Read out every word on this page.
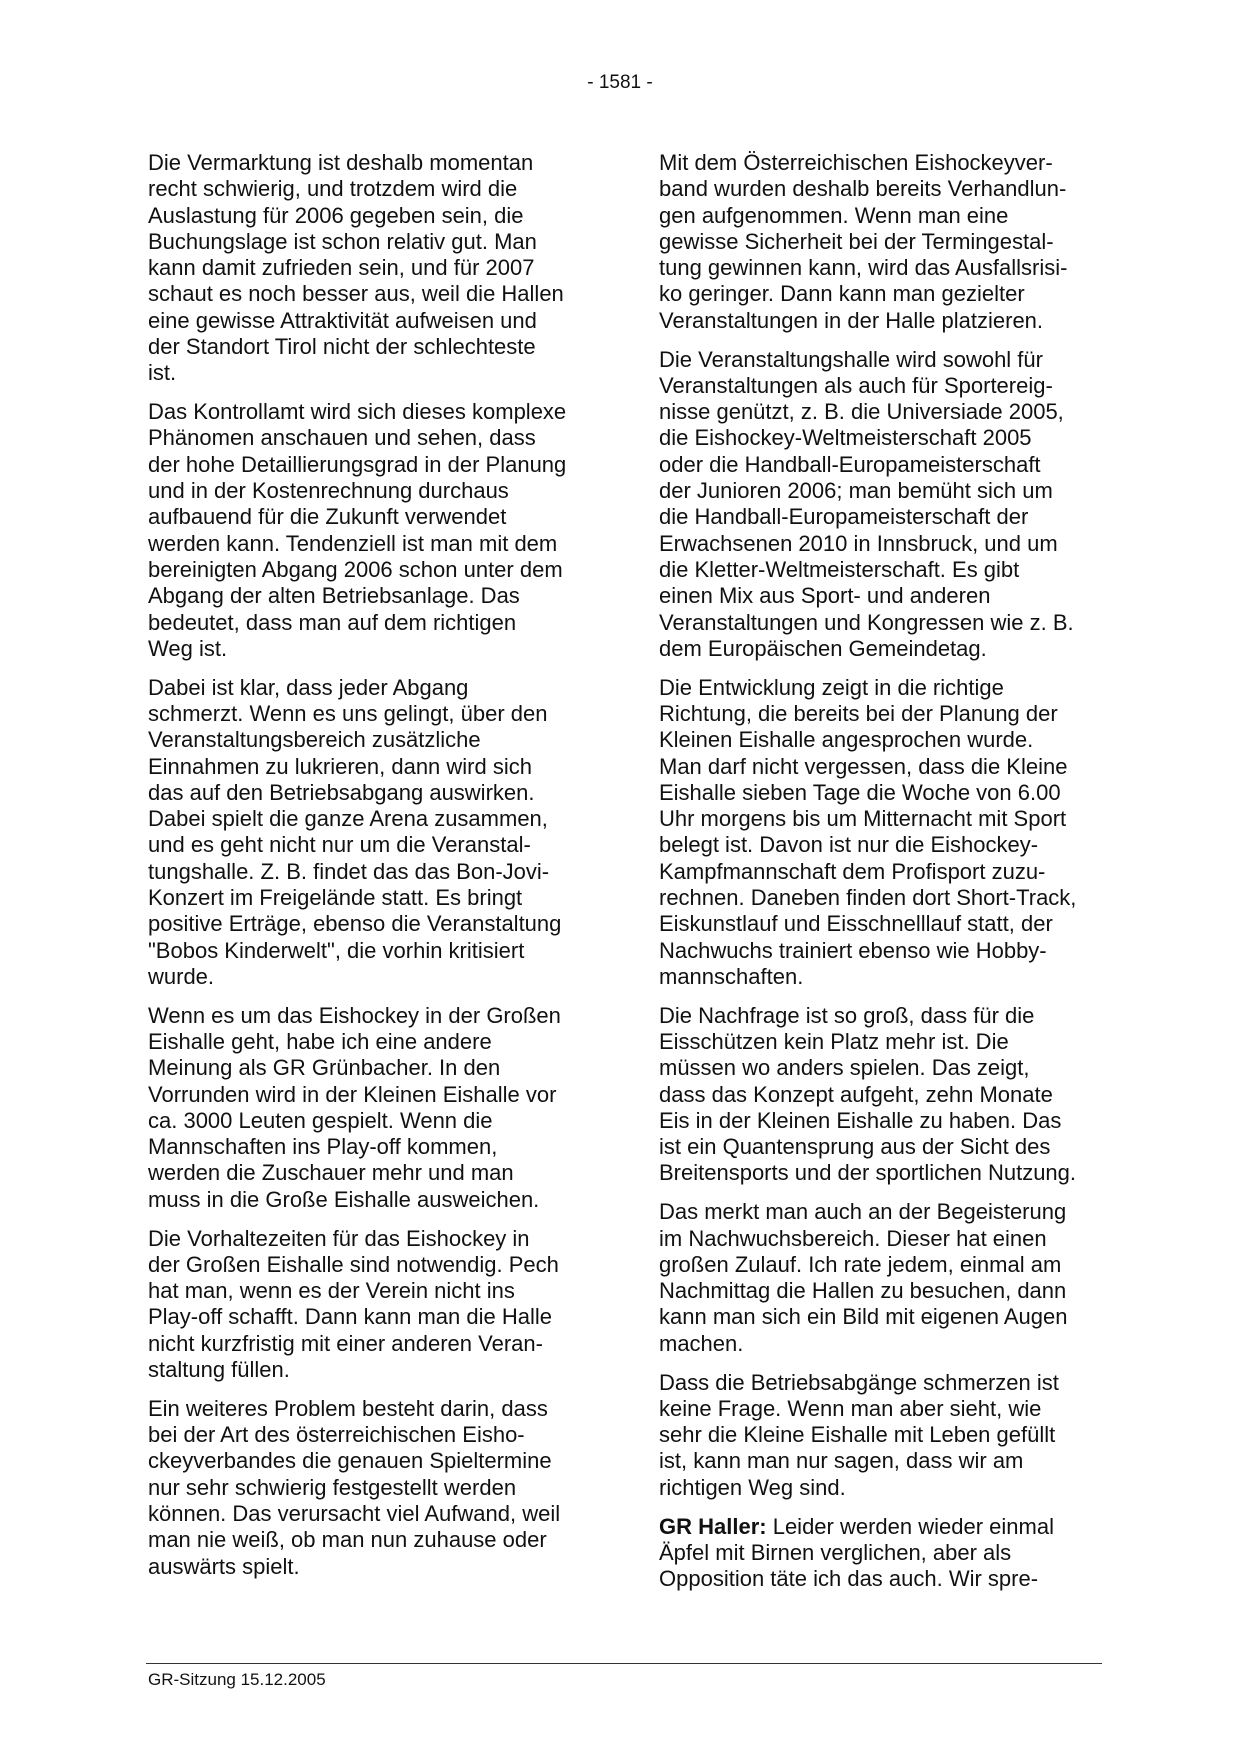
- 1581 -

Die Vermarktung ist deshalb momentan
recht schwierig, und trotzdem wird die
Auslastung für 2006 gegeben sein, die
Buchungslage ist schon relativ gut. Man
kann damit zufrieden sein, und für 2007
schaut es noch besser aus, weil die Hallen
eine gewisse Attraktivität aufweisen und
der Standort Tirol nicht der schlechteste
ist.

Das Kontrollamt wird sich dieses komplexe
Phänomen anschauen und sehen, dass
der hohe Detaillierungsgrad in der Planung
und in der Kostenrechnung durchaus
aufbauend für die Zukunft verwendet
werden kann. Tendenziell ist man mit dem
bereinigten Abgang 2006 schon unter dem
Abgang der alten Betriebsanlage. Das
bedeutet, dass man auf dem richtigen
Weg ist.

Dabei ist klar, dass jeder Abgang
schmerzt. Wenn es uns gelingt, über den
Veranstaltungsbereich zusätzliche
Einnahmen zu lukrieren, dann wird sich
das auf den Betriebsabgang auswirken.
Dabei spielt die ganze Arena zusammen,
und es geht nicht nur um die Veranstal-
tungshalle. Z. B. findet das das Bon-Jovi-
Konzert im Freigelände statt. Es bringt
positive Erträge, ebenso die Veranstaltung
"Bobos Kinderwelt", die vorhin kritisiert
wurde.

Wenn es um das Eishockey in der Großen
Eishalle geht, habe ich eine andere
Meinung als GR Grünbacher. In den
Vorrunden wird in der Kleinen Eishalle vor
ca. 3000 Leuten gespielt. Wenn die
Mannschaften ins Play-off kommen,
werden die Zuschauer mehr und man
muss in die Große Eishalle ausweichen.

Die Vorhaltezeiten für das Eishockey in
der Großen Eishalle sind notwendig. Pech
hat man, wenn es der Verein nicht ins
Play-off schafft. Dann kann man die Halle
nicht kurzfristig mit einer anderen Veran-
staltung füllen.

Ein weiteres Problem besteht darin, dass
bei der Art des österreichischen Eisho-
ckeyverbandes die genauen Spieltermine
nur sehr schwierig festgestellt werden
können. Das verursacht viel Aufwand, weil
man nie weiß, ob man nun zuhause oder
auswärts spielt.

Mit dem Österreichischen Eishockeyver-
band wurden deshalb bereits Verhandlun-
gen aufgenommen. Wenn man eine
gewisse Sicherheit bei der Termingestal-
tung gewinnen kann, wird das Ausfallsrisi-
ko geringer. Dann kann man gezielter
Veranstaltungen in der Halle platzieren.

Die Veranstaltungshalle wird sowohl für
Veranstaltungen als auch für Sportereig-
nisse genützt, z. B. die Universiade 2005,
die Eishockey-Weltmeisterschaft 2005
oder die Handball-Europameisterschaft
der Junioren 2006; man bemüht sich um
die Handball-Europameisterschaft der
Erwachsenen 2010 in Innsbruck, und um
die Kletter-Weltmeisterschaft. Es gibt
einen Mix aus Sport- und anderen
Veranstaltungen und Kongressen wie z. B.
dem Europäischen Gemeindetag.

Die Entwicklung zeigt in die richtige
Richtung, die bereits bei der Planung der
Kleinen Eishalle angesprochen wurde.
Man darf nicht vergessen, dass die Kleine
Eishalle sieben Tage die Woche von 6.00
Uhr morgens bis um Mitternacht mit Sport
belegt ist. Davon ist nur die Eishockey-
Kampfmannschaft dem Profisport zuzu-
rechnen. Daneben finden dort Short-Track,
Eiskunstlauf und Eisschnelllauf statt, der
Nachwuchs trainiert ebenso wie Hobby-
mannschaften.

Die Nachfrage ist so groß, dass für die
Eisschützen kein Platz mehr ist. Die
müssen wo anders spielen. Das zeigt,
dass das Konzept aufgeht, zehn Monate
Eis in der Kleinen Eishalle zu haben. Das
ist ein Quantensprung aus der Sicht des
Breitensports und der sportlichen Nutzung.

Das merkt man auch an der Begeisterung
im Nachwuchsbereich. Dieser hat einen
großen Zulauf. Ich rate jedem, einmal am
Nachmittag die Hallen zu besuchen, dann
kann man sich ein Bild mit eigenen Augen
machen.

Dass die Betriebsabgänge schmerzen ist
keine Frage. Wenn man aber sieht, wie
sehr die Kleine Eishalle mit Leben gefüllt
ist, kann man nur sagen, dass wir am
richtigen Weg sind.

GR Haller: Leider werden wieder einmal
Äpfel mit Birnen verglichen, aber als
Opposition täte ich das auch. Wir spre-

GR-Sitzung 15.12.2005
